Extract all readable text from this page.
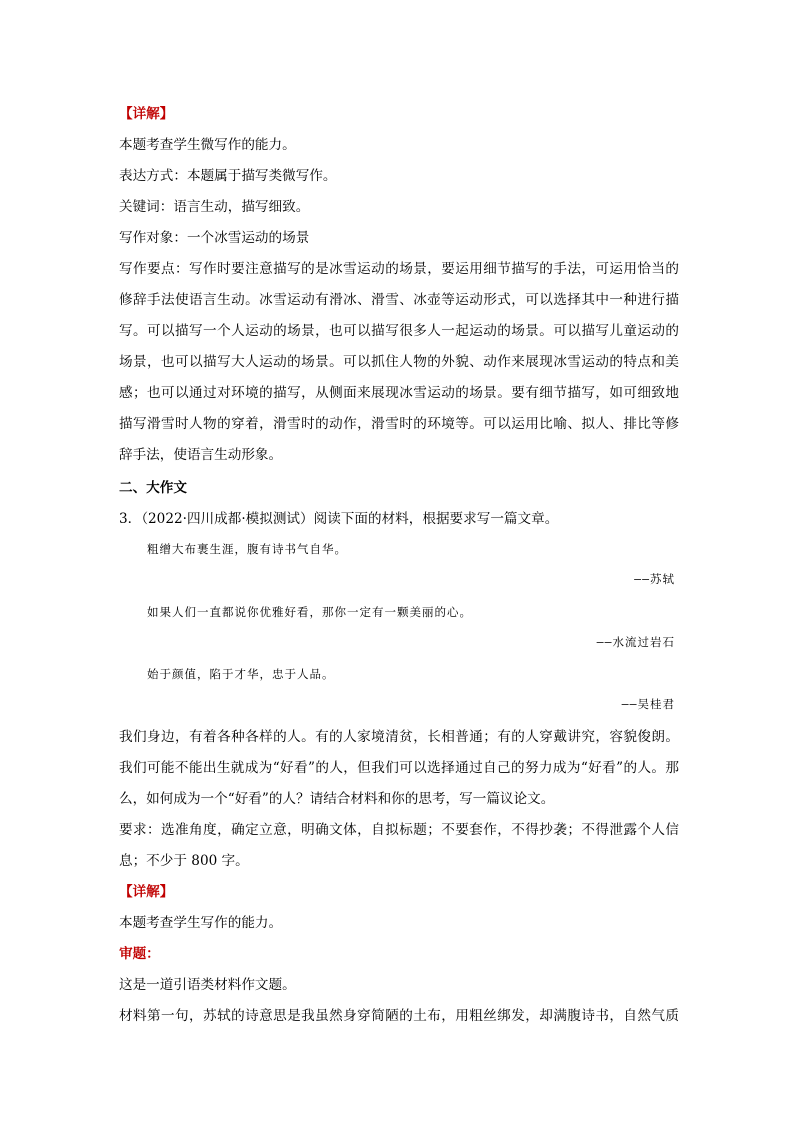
【详解】
本题考查学生微写作的能力。
表达方式：本题属于描写类微写作。
关键词：语言生动，描写细致。
写作对象：一个冰雪运动的场景
写作要点：写作时要注意描写的是冰雪运动的场景，要运用细节描写的手法，可运用恰当的
修辞手法使语言生动。冰雪运动有滑冰、滑雪、冰壶等运动形式，可以选择其中一种进行描
写。可以描写一个人运动的场景，也可以描写很多人一起运动的场景。可以描写儿童运动的
场景，也可以描写大人运动的场景。可以抓住人物的外貌、动作来展现冰雪运动的特点和美
感；也可以通过对环境的描写，从侧面来展现冰雪运动的场景。要有细节描写，如可细致地
描写滑雪时人物的穿着，滑雪时的动作，滑雪时的环境等。可以运用比喻、拟人、排比等修
辞手法，使语言生动形象。
二、大作文
3．（2022·四川成都·模拟测试）阅读下面的材料，根据要求写一篇文章。
粗缯大布裹生涯，腹有诗书气自华。
——苏轼
如果人们一直都说你优雅好看，那你一定有一颗美丽的心。
——水流过岩石
始于颜值，陷于才华，忠于人品。
——吴桂君
我们身边，有着各种各样的人。有的人家境清贫，长相普通；有的人穿戴讲究，容貌俊朗。
我们可能不能出生就成为“好看”的人，但我们可以选择通过自己的努力成为“好看”的人。那
么，如何成为一个“好看”的人？请结合材料和你的思考，写一篇议论文。
要求：选准角度，确定立意，明确文体，自拟标题；不要套作，不得抄袭；不得泄露个人信
息；不少于 800 字。
【详解】
本题考查学生写作的能力。
审题：
这是一道引语类材料作文题。
材料第一句，苏轼的诗意思是我虽然身穿简陋的土布，用粗丝绑发，却满腹诗书，自然气质
